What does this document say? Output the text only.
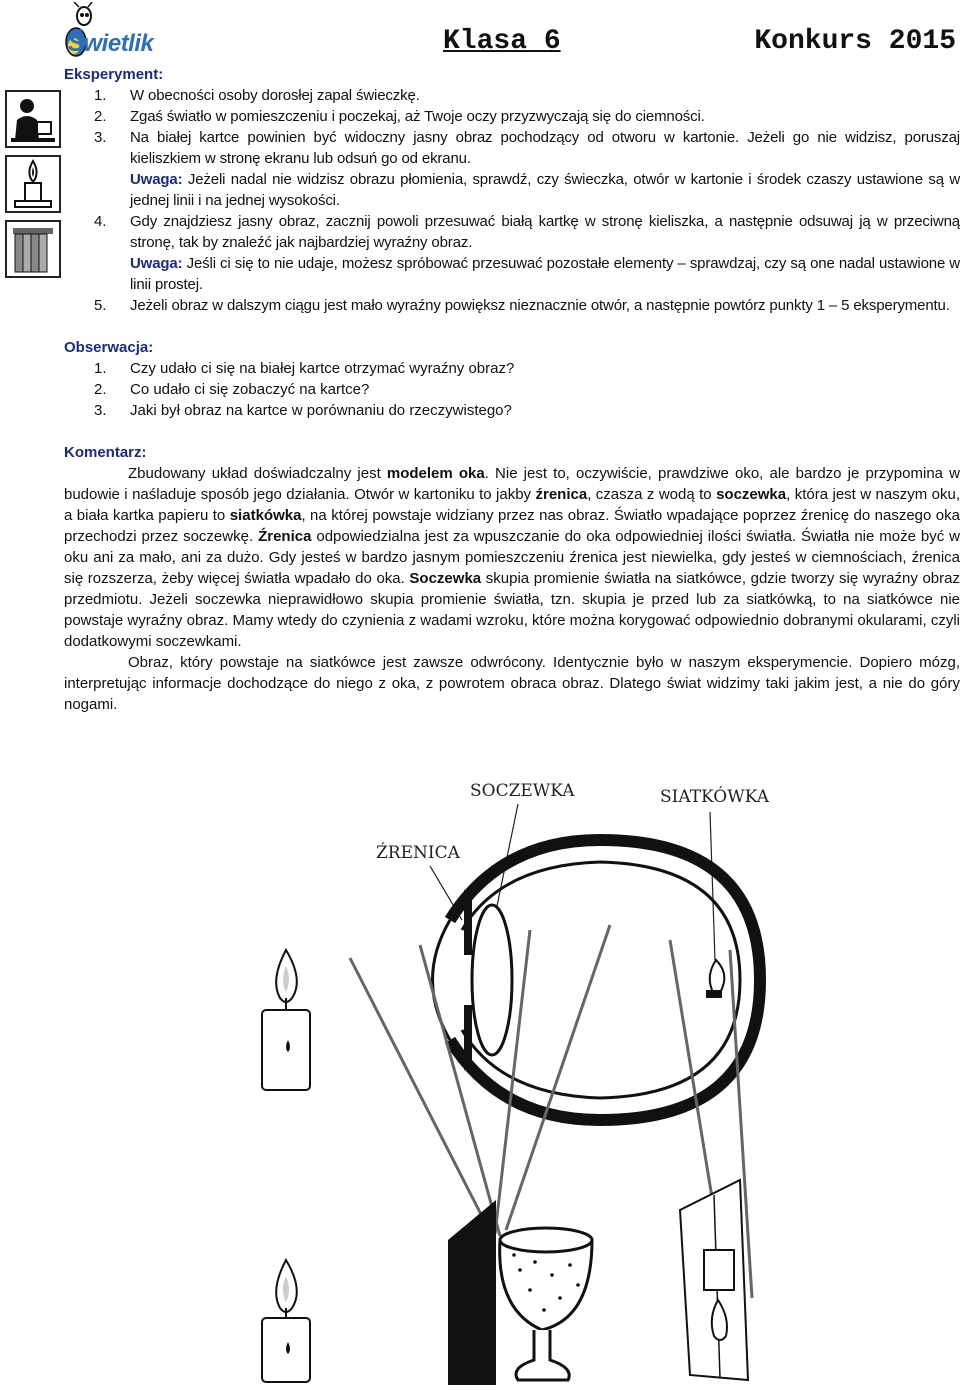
Świetlik	Klasa 6	Konkurs 2015

Eksperyment:

1. W obecności osoby dorosłej zapal świeczkę.
2. Zgaś światło w pomieszczeniu i poczekaj, aż Twoje oczy przyzwyczają się do ciemności.
3. Na białej kartce powinien być widoczny jasny obraz pochodzący od otworu w kartonie. Jeżeli go nie widzisz, poruszaj kieliszkiem w stronę ekranu lub odsuń go od ekranu.
Uwaga: Jeżeli nadal nie widzisz obrazu płomienia, sprawdź, czy świeczka, otwór w kartonie i środek czaszy ustawione są w jednej linii i na jednej wysokości.
4. Gdy znajdziesz jasny obraz, zacznij powoli przesuwać białą kartkę w stronę kieliszka, a następnie odsuwaj ją w przeciwną stronę, tak by znaleźć jak najbardziej wyraźny obraz.
Uwaga: Jeśli ci się to nie udaje, możesz spróbować przesuwać pozostałe elementy – sprawdzaj, czy są one nadal ustawione w linii prostej.
5. Jeżeli obraz w dalszym ciągu jest mało wyraźny powiększ nieznacznie otwór, a następnie powtórz punkty 1 – 5 eksperymentu.

Obserwacja:

1. Czy udało ci się na białej kartce otrzymać wyraźny obraz?
2. Co udało ci się zobaczyć na kartce?
3. Jaki był obraz na kartce w porównaniu do rzeczywistego?

Komentarz:

Zbudowany układ doświadczalny jest modelem oka. Nie jest to, oczywiście, prawdziwe oko, ale bardzo je przypomina w budowie i naśladuje sposób jego działania. Otwór w kartoniku to jakby źrenica, czasza z wodą to soczewka, która jest w naszym oku, a biała kartka papieru to siatkówka, na której powstaje widziany przez nas obraz. Światło wpadające poprzez źrenicę do naszego oka przechodzi przez soczewkę. Źrenica odpowiedzialna jest za wpuszczanie do oka odpowiedniej ilości światła. Światła nie może być w oku ani za mało, ani za dużo. Gdy jesteś w bardzo jasnym pomieszczeniu źrenica jest niewielka, gdy jesteś w ciemnościach, źrenica się rozszerza, żeby więcej światła wpadało do oka. Soczewka skupia promienie światła na siatkówce, gdzie tworzy się wyraźny obraz przedmiotu. Jeżeli soczewka nieprawidłowo skupia promienie światła, tzn. skupia je przed lub za siatkówką, to na siatkówce nie powstaje wyraźny obraz. Mamy wtedy do czynienia z wadami wzroku, które można korygować odpowiednio dobranymi okularami, czyli dodatkowymi soczewkami.

Obraz, który powstaje na siatkówce jest zawsze odwrócony. Identycznie było w naszym eksperymencie. Dopiero mózg, interpretując informacje dochodzące do niego z oka, z powrotem obraca obraz. Dlatego świat widzimy taki jakim jest, a nie do góry nogami.

SOCZEWKA	SIATKÓWKA
ŹRENICA
